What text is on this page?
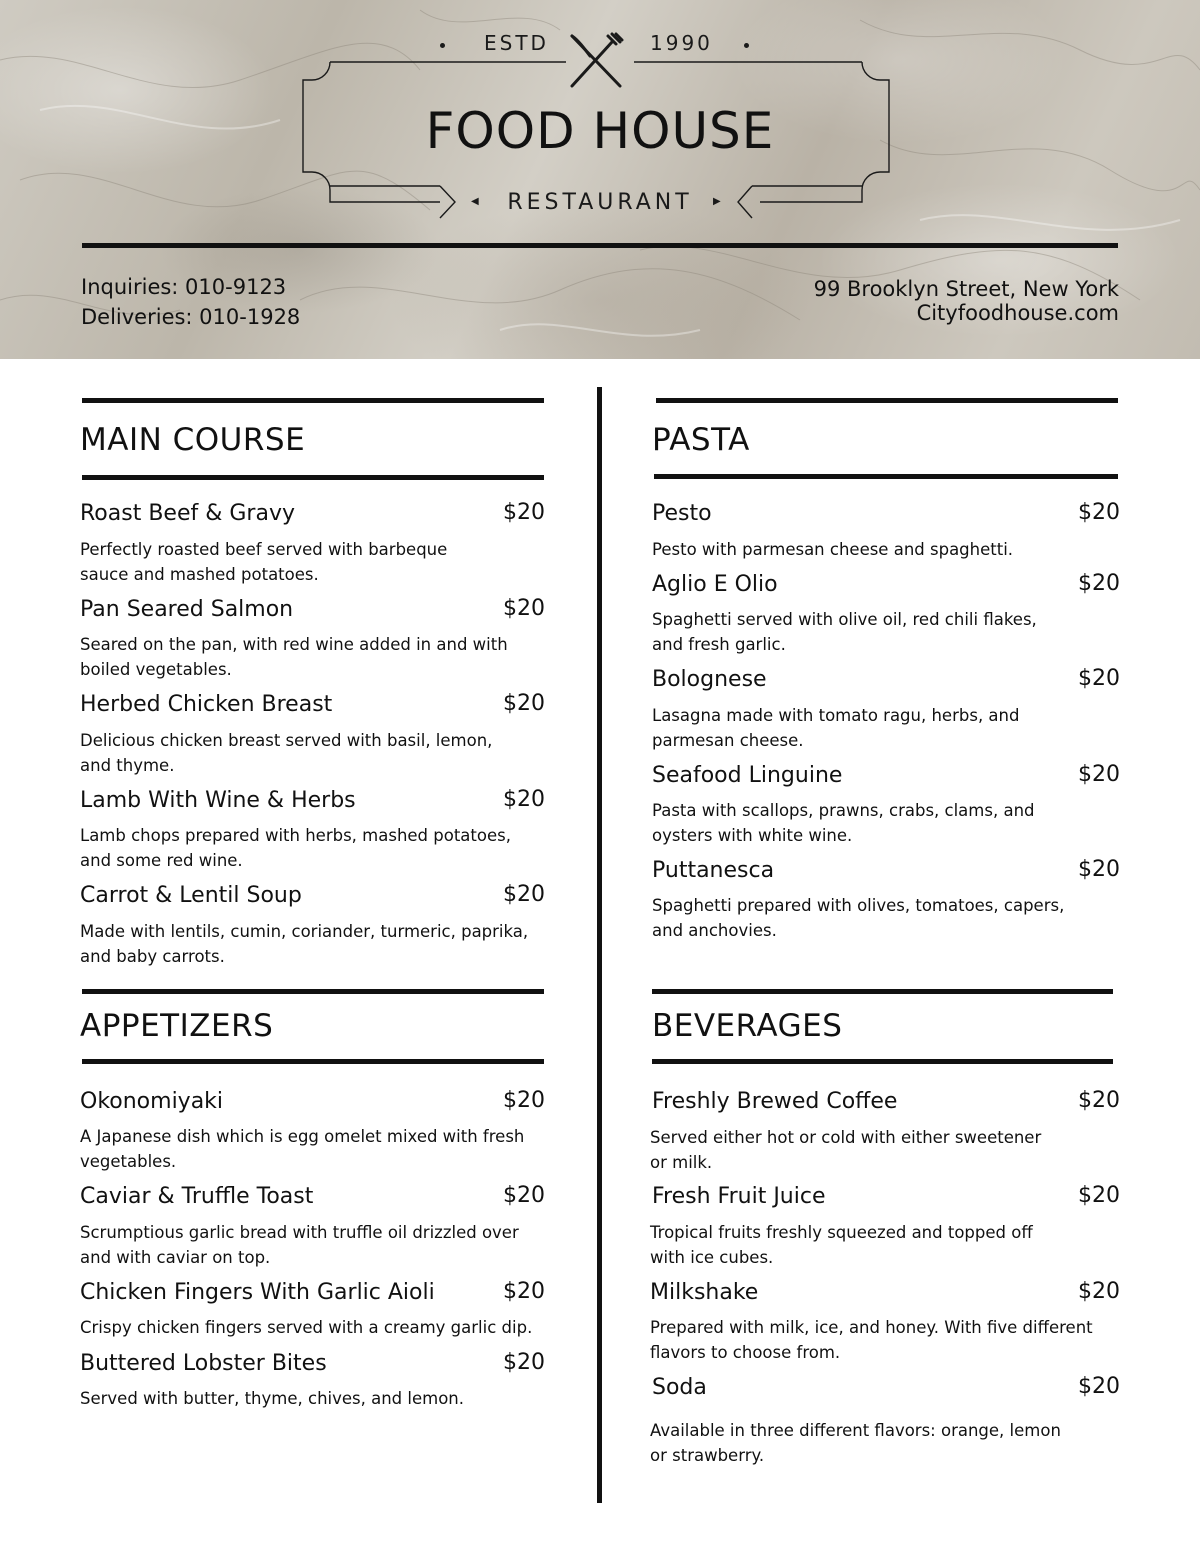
ESTD	1990
FOOD HOUSE
◀	RESTAURANT	▶
Inquiries: 010-9123
Deliveries: 010-1928
99 Brooklyn Street, New York
Cityfoodhouse.com
MAIN COURSE
Roast Beef & Gravy	$20
Perfectly roasted beef served with barbeque
sauce and mashed potatoes.
Pan Seared Salmon	$20
Seared on the pan, with red wine added in and with
boiled vegetables.
Herbed Chicken Breast	$20
Delicious chicken breast served with basil, lemon,
and thyme.
Lamb With Wine & Herbs	$20
Lamb chops prepared with herbs, mashed potatoes,
and some red wine.
Carrot & Lentil Soup	$20
Made with lentils, cumin, coriander, turmeric, paprika,
and baby carrots.
APPETIZERS
Okonomiyaki	$20
A Japanese dish which is egg omelet mixed with fresh
vegetables.
Caviar & Truffle Toast	$20
Scrumptious garlic bread with truffle oil drizzled over
and with caviar on top.
Chicken Fingers With Garlic Aioli	$20
Crispy chicken fingers served with a creamy garlic dip.
Buttered Lobster Bites	$20
Served with butter, thyme, chives, and lemon.
PASTA
Pesto	$20
Pesto with parmesan cheese and spaghetti.
Aglio E Olio	$20
Spaghetti served with olive oil, red chili flakes,
and fresh garlic.
Bolognese	$20
Lasagna made with tomato ragu, herbs, and
parmesan cheese.
Seafood Linguine	$20
Pasta with scallops, prawns, crabs, clams, and
oysters with white wine.
Puttanesca	$20
Spaghetti prepared with olives, tomatoes, capers,
and anchovies.
BEVERAGES
Freshly Brewed Coffee	$20
Served either hot or cold with either sweetener
or milk.
Fresh Fruit Juice	$20
Tropical fruits freshly squeezed and topped off
with ice cubes.
Milkshake	$20
Prepared with milk, ice, and honey. With five different
flavors to choose from.
Soda	$20
Available in three different flavors: orange, lemon
or strawberry.
